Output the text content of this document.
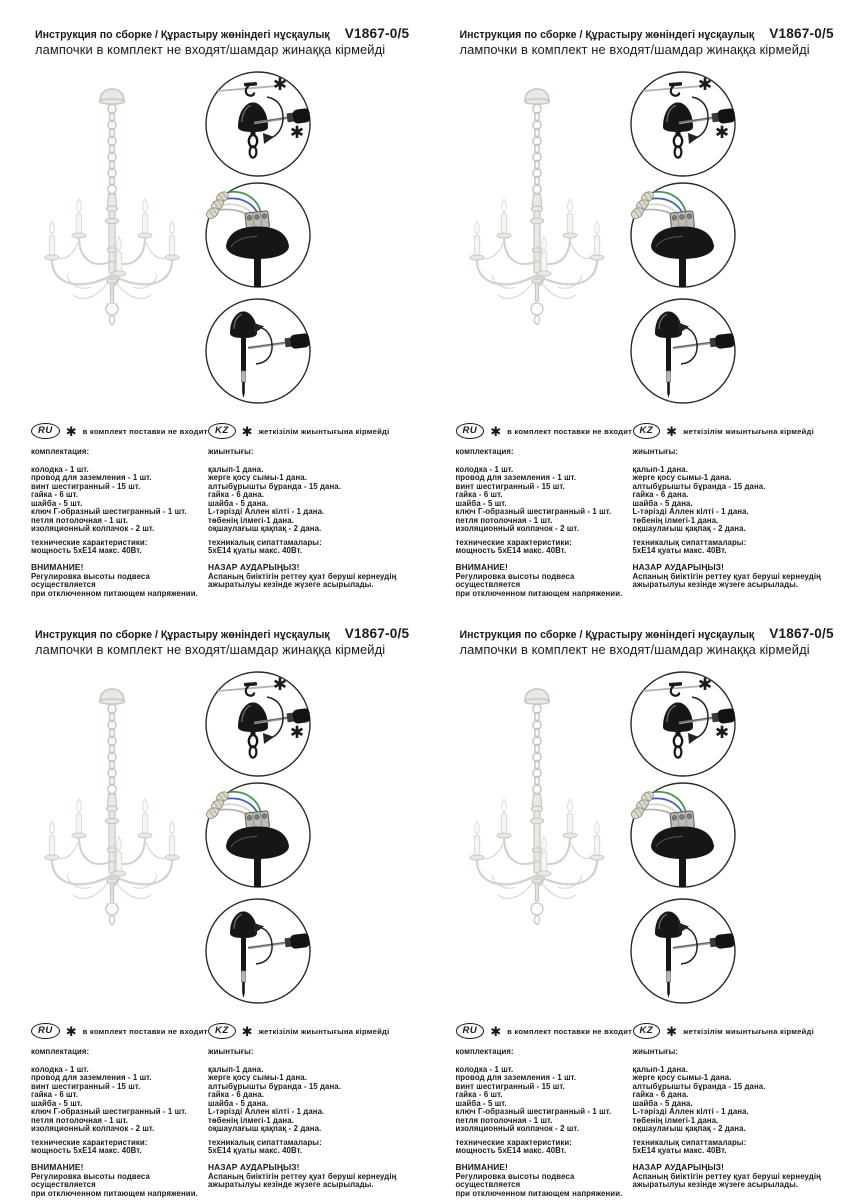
Инструкция по сборке / Құрастыру жөніндегі нұсқаулық V1867-0/5
лампочки в комплект не входят/шамдар жинаққа кірмейді
✱
✱
RU	✱ в комплект поставки не входит KZ	✱ жеткізілім жиынтығына кірмейді
комплектация:
колодка - 1 шт.
провод для заземления - 1 шт.
винт шестигранный - 15 шт.
гайка - 6 шт.
шайба - 5 шт.
ключ Г-образный шестигранный - 1 шт.
петля потолочная - 1 шт.
изоляционный колпачок - 2 шт.
технические характеристики:
мощность 5хЕ14 макс. 40Вт.
ВНИМАНИЕ!
Регулировка высоты подвеса осуществляется
при отключенном питающем напряжении.
жиынтығы:
қалып-1 дана.
жерге қосу сымы-1 дана.
алтыбұрышты бұранда - 15 дана.
гайка - 6 дана.
шайба - 5 дана.
L-тәрізді Аллен кілті - 1 дана.
төбенің ілмегі-1 дана.
оқшаулағыш қақпақ - 2 дана.
техникалық сипаттамалары:
5хЕ14 қуаты макс. 40Вт.
НАЗАР АУДАРЫҢЫЗ!
Аспаның биіктігін реттеу қуат беруші кернеудің
ажыратылуы кезінде жүзеге асырылады.
Инструкция по сборке / Құрастыру жөніндегі нұсқаулық V1867-0/5
лампочки в комплект не входят/шамдар жинаққа кірмейді
✱
✱
RU	✱ в комплект поставки не входит KZ	✱ жеткізілім жиынтығына кірмейді
комплектация:
колодка - 1 шт.
провод для заземления - 1 шт.
винт шестигранный - 15 шт.
гайка - 6 шт.
шайба - 5 шт.
ключ Г-образный шестигранный - 1 шт.
петля потолочная - 1 шт.
изоляционный колпачок - 2 шт.
технические характеристики:
мощность 5хЕ14 макс. 40Вт.
ВНИМАНИЕ!
Регулировка высоты подвеса осуществляется
при отключенном питающем напряжении.
жиынтығы:
қалып-1 дана.
жерге қосу сымы-1 дана.
алтыбұрышты бұранда - 15 дана.
гайка - 6 дана.
шайба - 5 дана.
L-тәрізді Аллен кілті - 1 дана.
төбенің ілмегі-1 дана.
оқшаулағыш қақпақ - 2 дана.
техникалық сипаттамалары:
5хЕ14 қуаты макс. 40Вт.
НАЗАР АУДАРЫҢЫЗ!
Аспаның биіктігін реттеу қуат беруші кернеудің
ажыратылуы кезінде жүзеге асырылады.
Инструкция по сборке / Құрастыру жөніндегі нұсқаулық V1867-0/5
лампочки в комплект не входят/шамдар жинаққа кірмейді
✱
✱
RU	✱ в комплект поставки не входит KZ	✱ жеткізілім жиынтығына кірмейді
комплектация:
колодка - 1 шт.
провод для заземления - 1 шт.
винт шестигранный - 15 шт.
гайка - 6 шт.
шайба - 5 шт.
ключ Г-образный шестигранный - 1 шт.
петля потолочная - 1 шт.
изоляционный колпачок - 2 шт.
технические характеристики:
мощность 5хЕ14 макс. 40Вт.
ВНИМАНИЕ!
Регулировка высоты подвеса осуществляется
при отключенном питающем напряжении.
жиынтығы:
қалып-1 дана.
жерге қосу сымы-1 дана.
алтыбұрышты бұранда - 15 дана.
гайка - 6 дана.
шайба - 5 дана.
L-тәрізді Аллен кілті - 1 дана.
төбенің ілмегі-1 дана.
оқшаулағыш қақпақ - 2 дана.
техникалық сипаттамалары:
5хЕ14 қуаты макс. 40Вт.
НАЗАР АУДАРЫҢЫЗ!
Аспаның биіктігін реттеу қуат беруші кернеудің
ажыратылуы кезінде жүзеге асырылады.
Инструкция по сборке / Құрастыру жөніндегі нұсқаулық V1867-0/5
лампочки в комплект не входят/шамдар жинаққа кірмейді
✱
✱
RU	✱ в комплект поставки не входит KZ	✱ жеткізілім жиынтығына кірмейді
комплектация:
колодка - 1 шт.
провод для заземления - 1 шт.
винт шестигранный - 15 шт.
гайка - 6 шт.
шайба - 5 шт.
ключ Г-образный шестигранный - 1 шт.
петля потолочная - 1 шт.
изоляционный колпачок - 2 шт.
технические характеристики:
мощность 5хЕ14 макс. 40Вт.
ВНИМАНИЕ!
Регулировка высоты подвеса осуществляется
при отключенном питающем напряжении.
жиынтығы:
қалып-1 дана.
жерге қосу сымы-1 дана.
алтыбұрышты бұранда - 15 дана.
гайка - 6 дана.
шайба - 5 дана.
L-тәрізді Аллен кілті - 1 дана.
төбенің ілмегі-1 дана.
оқшаулағыш қақпақ - 2 дана.
техникалық сипаттамалары:
5хЕ14 қуаты макс. 40Вт.
НАЗАР АУДАРЫҢЫЗ!
Аспаның биіктігін реттеу қуат беруші кернеудің
ажыратылуы кезінде жүзеге асырылады.
